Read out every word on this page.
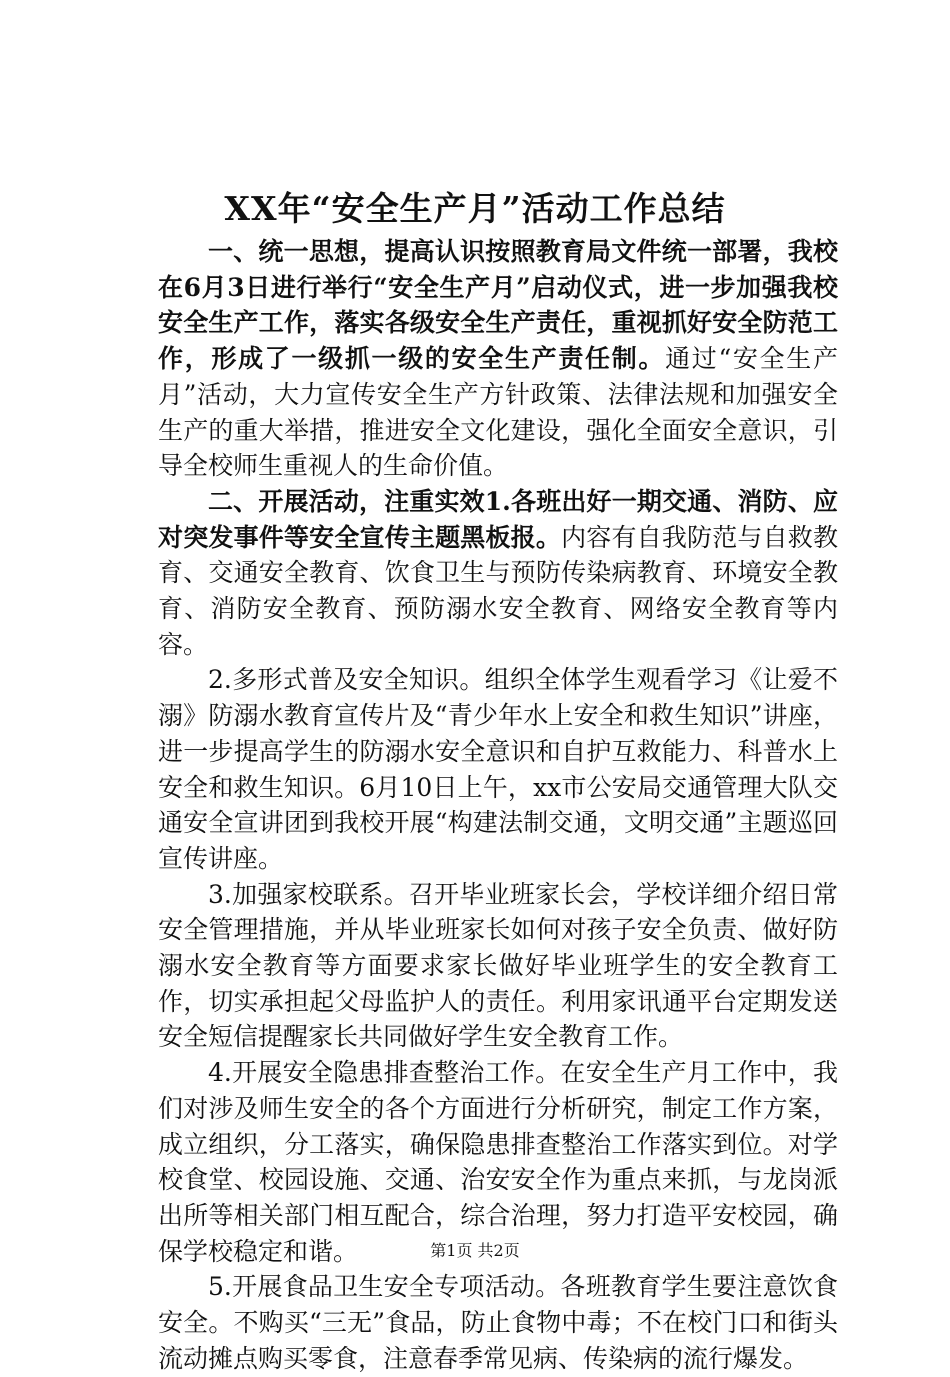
XX年“安全生产月”活动工作总结

一、统一思想，提高认识按照教育局文件统一部署，我校在6月3日进行举行“安全生产月”启动仪式，进一步加强我校安全生产工作，落实各级安全生产责任，重视抓好安全防范工作，形成了一级抓一级的安全生产责任制。通过“安全生产月”活动，大力宣传安全生产方针政策、法律法规和加强安全生产的重大举措，推进安全文化建设，强化全面安全意识，引导全校师生重视人的生命价值。

二、开展活动，注重实效1.各班出好一期交通、消防、应对突发事件等安全宣传主题黑板报。内容有自我防范与自救教育、交通安全教育、饮食卫生与预防传染病教育、环境安全教育、消防安全教育、预防溺水安全教育、网络安全教育等内容。

2.多形式普及安全知识。组织全体学生观看学习《让爱不溺》防溺水教育宣传片及“青少年水上安全和救生知识”讲座，进一步提高学生的防溺水安全意识和自护互救能力、科普水上安全和救生知识。6月10日上午，xx市公安局交通管理大队交通安全宣讲团到我校开展“构建法制交通，文明交通”主题巡回宣传讲座。

3.加强家校联系。召开毕业班家长会，学校详细介绍日常安全管理措施，并从毕业班家长如何对孩子安全负责、做好防溺水安全教育等方面要求家长做好毕业班学生的安全教育工作，切实承担起父母监护人的责任。利用家讯通平台定期发送安全短信提醒家长共同做好学生安全教育工作。

4.开展安全隐患排查整治工作。在安全生产月工作中，我们对涉及师生安全的各个方面进行分析研究，制定工作方案，成立组织，分工落实，确保隐患排查整治工作落实到位。对学校食堂、校园设施、交通、治安安全作为重点来抓，与龙岗派出所等相关部门相互配合，综合治理，努力打造平安校园，确保学校稳定和谐。

5.开展食品卫生安全专项活动。各班教育学生要注意饮食安全。不购买“三无”食品，防止食物中毒；不在校门口和街头流动摊点购买零食，注意春季常见病、传染病的流行爆发。

第1页 共2页
